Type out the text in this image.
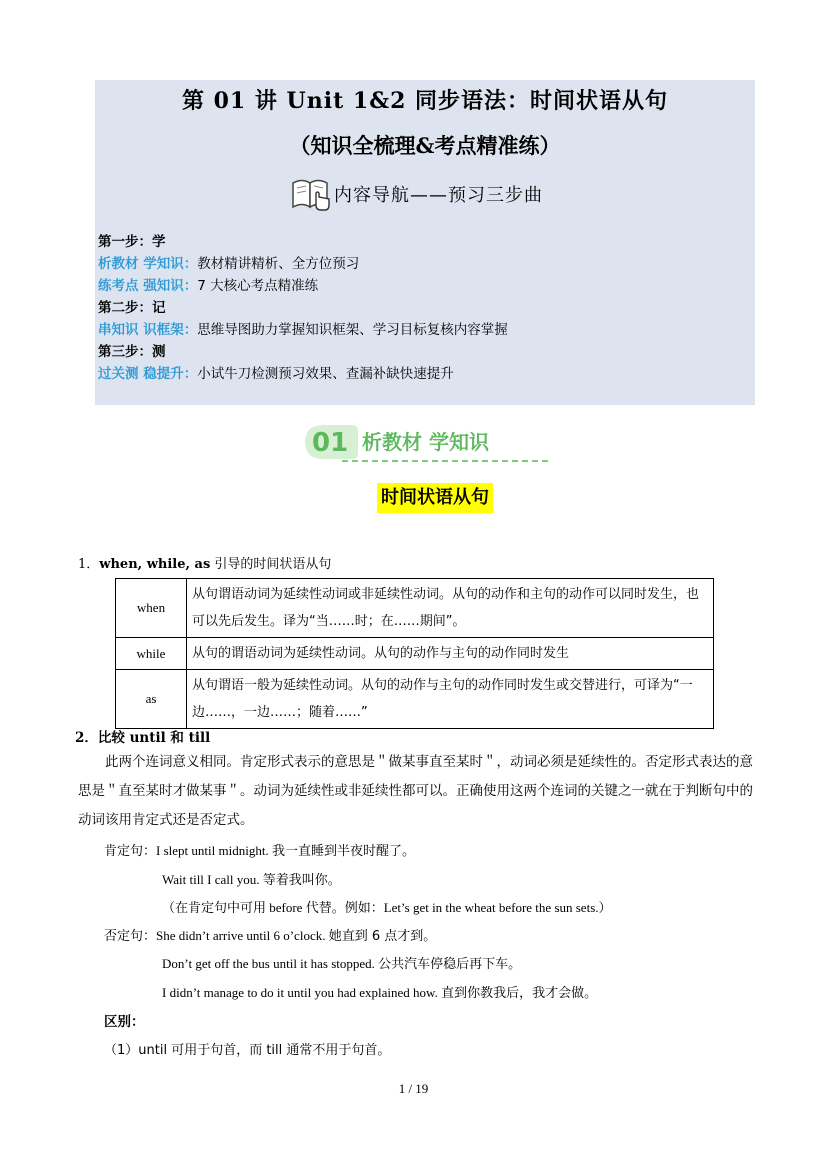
第 01 讲 Unit 1&2 同步语法：时间状语从句
（知识全梳理&考点精准练）
内容导航——预习三步曲
第一步：学
析教材 学知识：教材精讲精析、全方位预习
练考点 强知识：7 大核心考点精准练
第二步：记
串知识 识框架：思维导图助力掌握知识框架、学习目标复核内容掌握
第三步：测
过关测 稳提升：小试牛刀检测预习效果、查漏补缺快速提升
01 析教材 学知识
时间状语从句
1．when, while, as 引导的时间状语从句
when	从句谓语动词为延续性动词或非延续性动词。从句的动作和主句的动作可以同时发生，也可以先后发生。译为“当……时；在……期间”。
while	从句的谓语动词为延续性动词。从句的动作与主句的动作同时发生
as	从句谓语一般为延续性动词。从句的动作与主句的动作同时发生或交替进行，可译为“一边……，一边……；随着……”
2．比较 until 和 till

此两个连词意义相同。肯定形式表示的意思是＂做某事直至某时＂，动词必须是延续性的。否定形式表达的意思是＂直至某时才做某事＂。动词为延续性或非延续性都可以。正确使用这两个连词的关键之一就在于判断句中的动词该用肯定式还是否定式。

肯定句：I slept until midnight. 我一直睡到半夜时醒了。
Wait till I call you. 等着我叫你。
（在肯定句中可用 before 代替。例如：Let’s get in the wheat before the sun sets.）
否定句：She didn’t arrive until 6 o’clock. 她直到 6 点才到。
Don’t get off the bus until it has stopped. 公共汽车停稳后再下车。
I didn’t manage to do it until you had explained how. 直到你教我后，我才会做。
区别：
（1）until 可用于句首，而 till 通常不用于句首。
1 / 19
